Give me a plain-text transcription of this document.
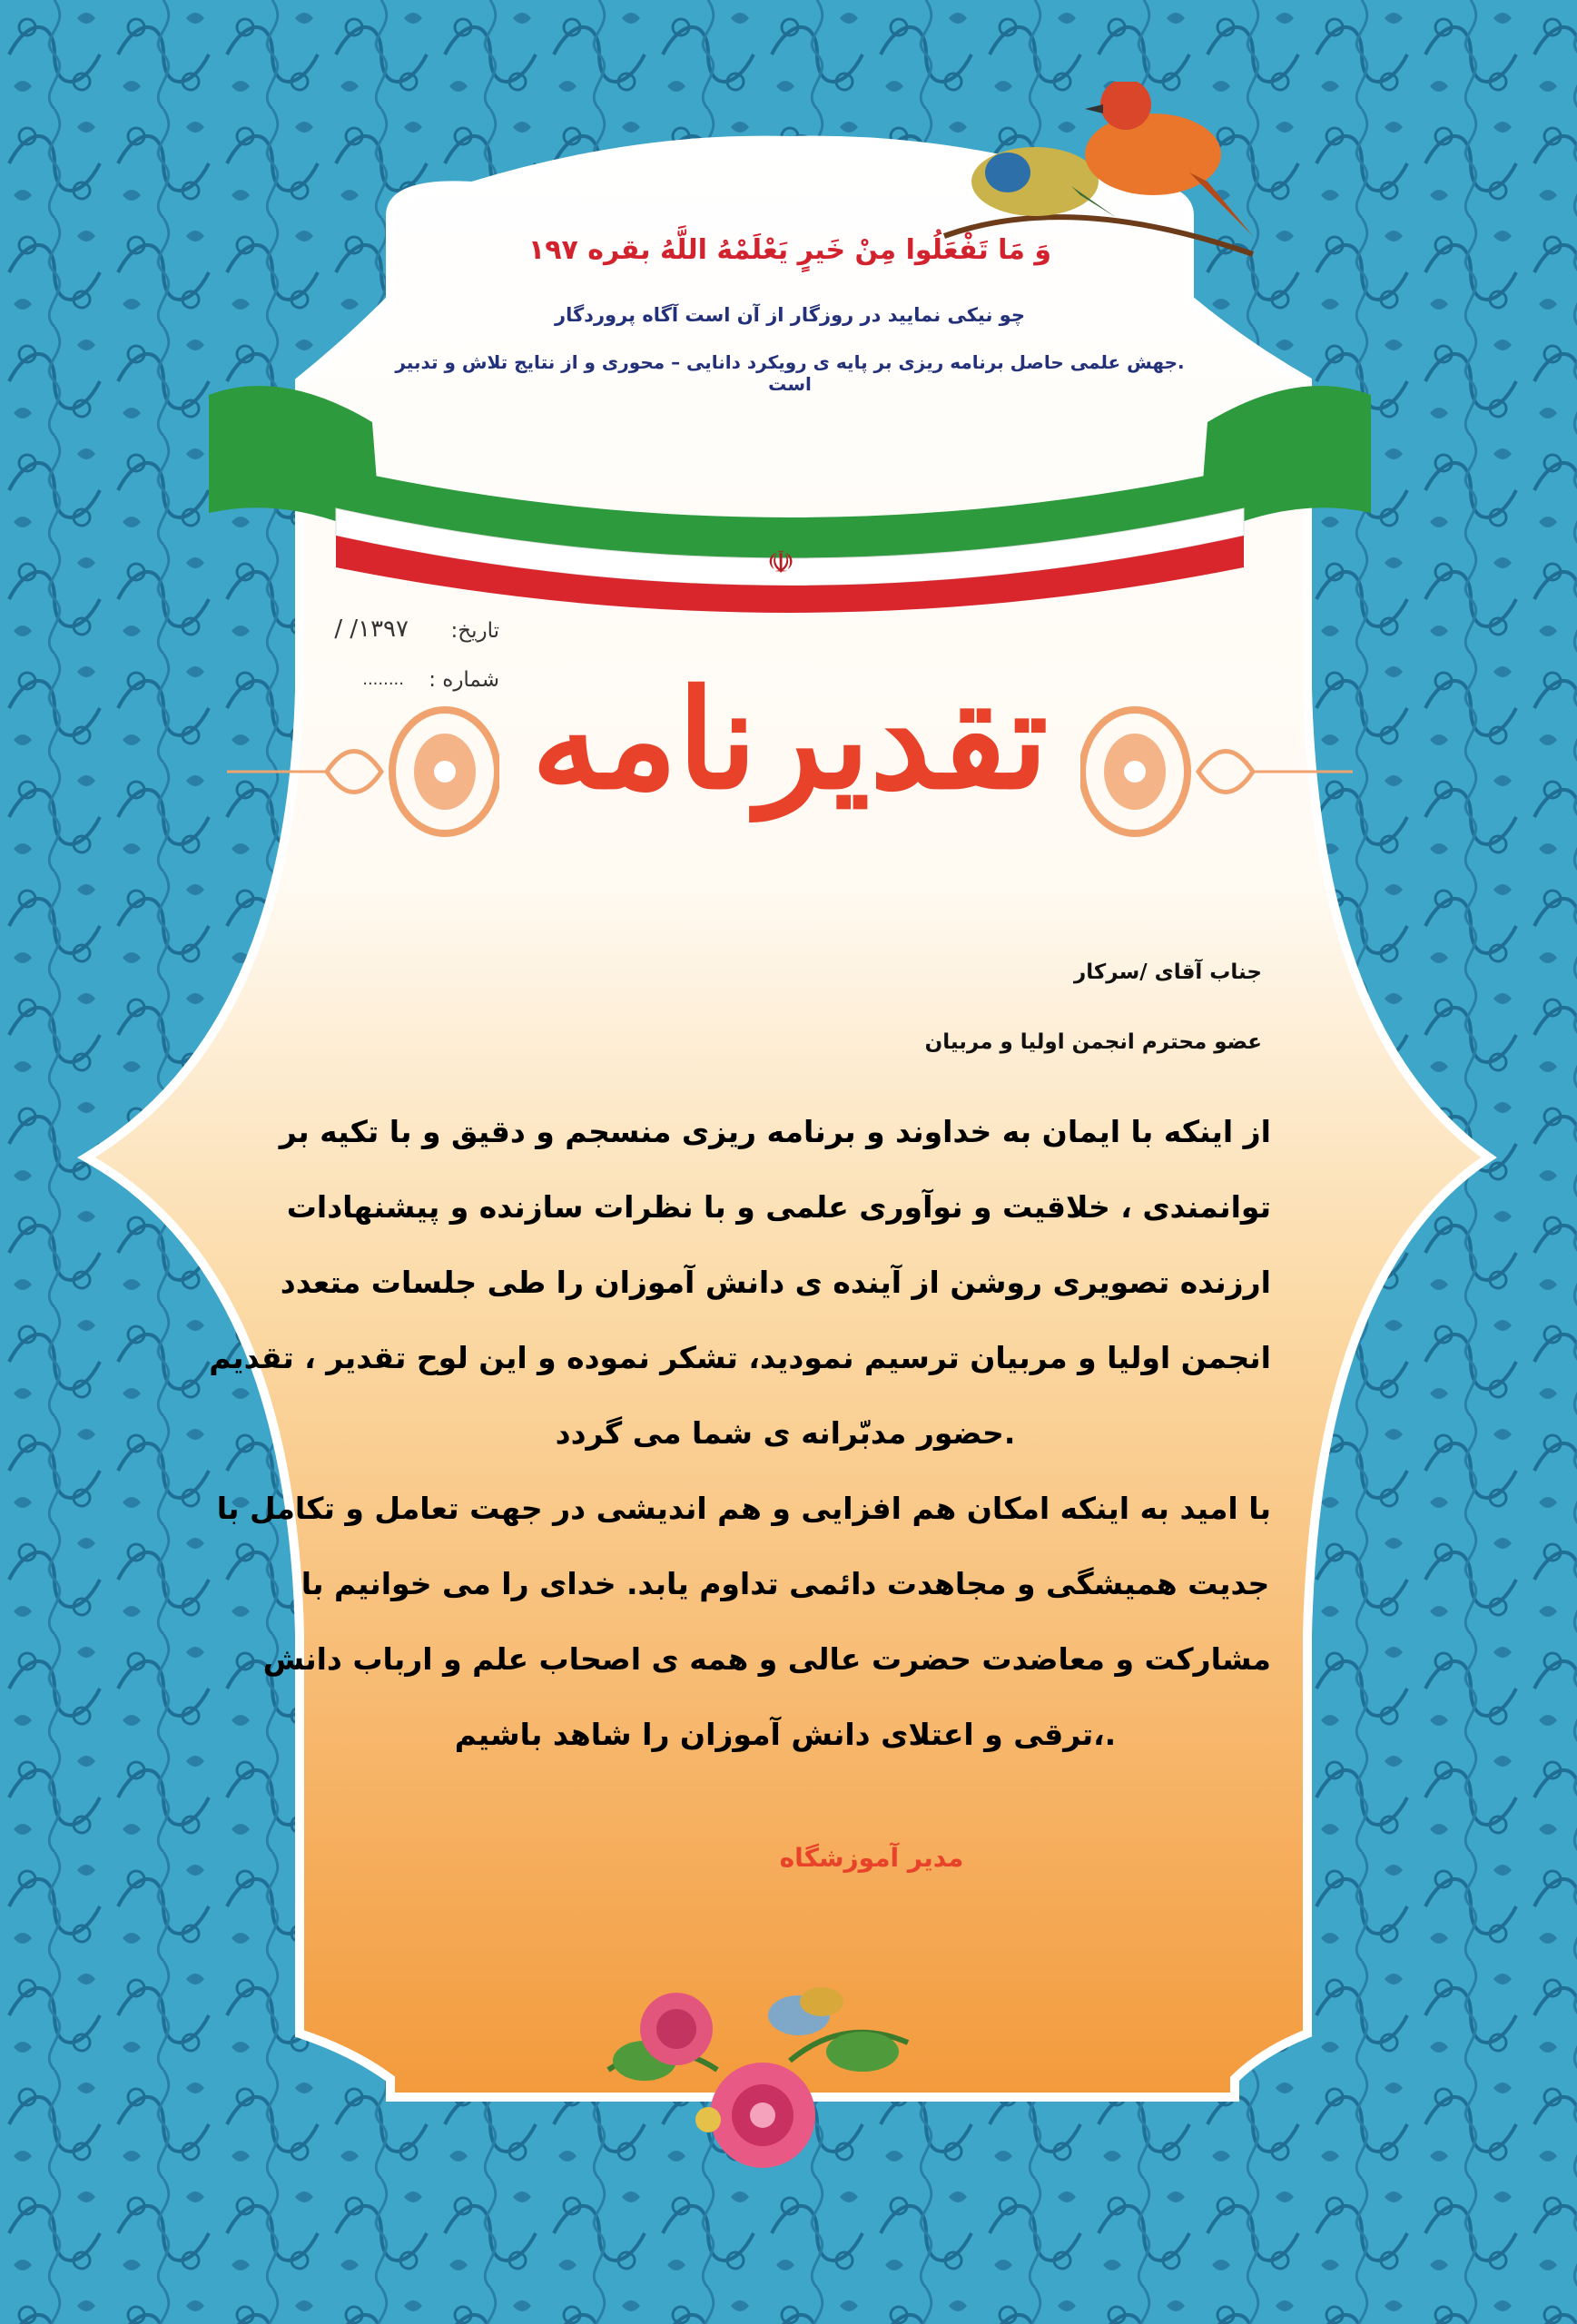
☫
وَ مَا تَفْعَلُوا مِنْ خَيرٍ يَعْلَمْهُ اللَّهُ بقره ۱۹۷
چو نیکی نمایید در روزگار از آن است آگاه پروردگار
.جهش علمی حاصل برنامه ریزی بر پایه ی رویکرد دانایی – محوری و از نتایج تلاش و تدبیر است
تاریخ:
/ /۱۳۹۷
شماره :
........ تقدیرنامه
جناب آقای /سرکار
عضو محترم انجمن اولیا و مربیان
از اینکه با ایمان به خداوند و برنامه ریزی منسجم و دقیق و با تکیه بر
توانمندی ، خلاقیت و نوآوری علمی و با نظرات سازنده و پیشنهادات
ارزنده تصویری روشن از آینده ی دانش آموزان را طی جلسات متعدد
انجمن اولیا و مربیان ترسیم نمودید، تشکر نموده و این لوح تقدیر ، تقدیم
.حضور مدبّرانه ی شما می گردد
با امید به اینکه امکان هم افزایی و هم اندیشی در جهت تعامل و تکامل با
جدیت همیشگی و مجاهدت دائمی تداوم یابد. خدای را می خوانیم با
مشارکت و معاضدت حضرت عالی و همه ی اصحاب علم و ارباب دانش
.،ترقی و اعتلای دانش آموزان را شاهد باشیم
مدیر آموزشگاه
